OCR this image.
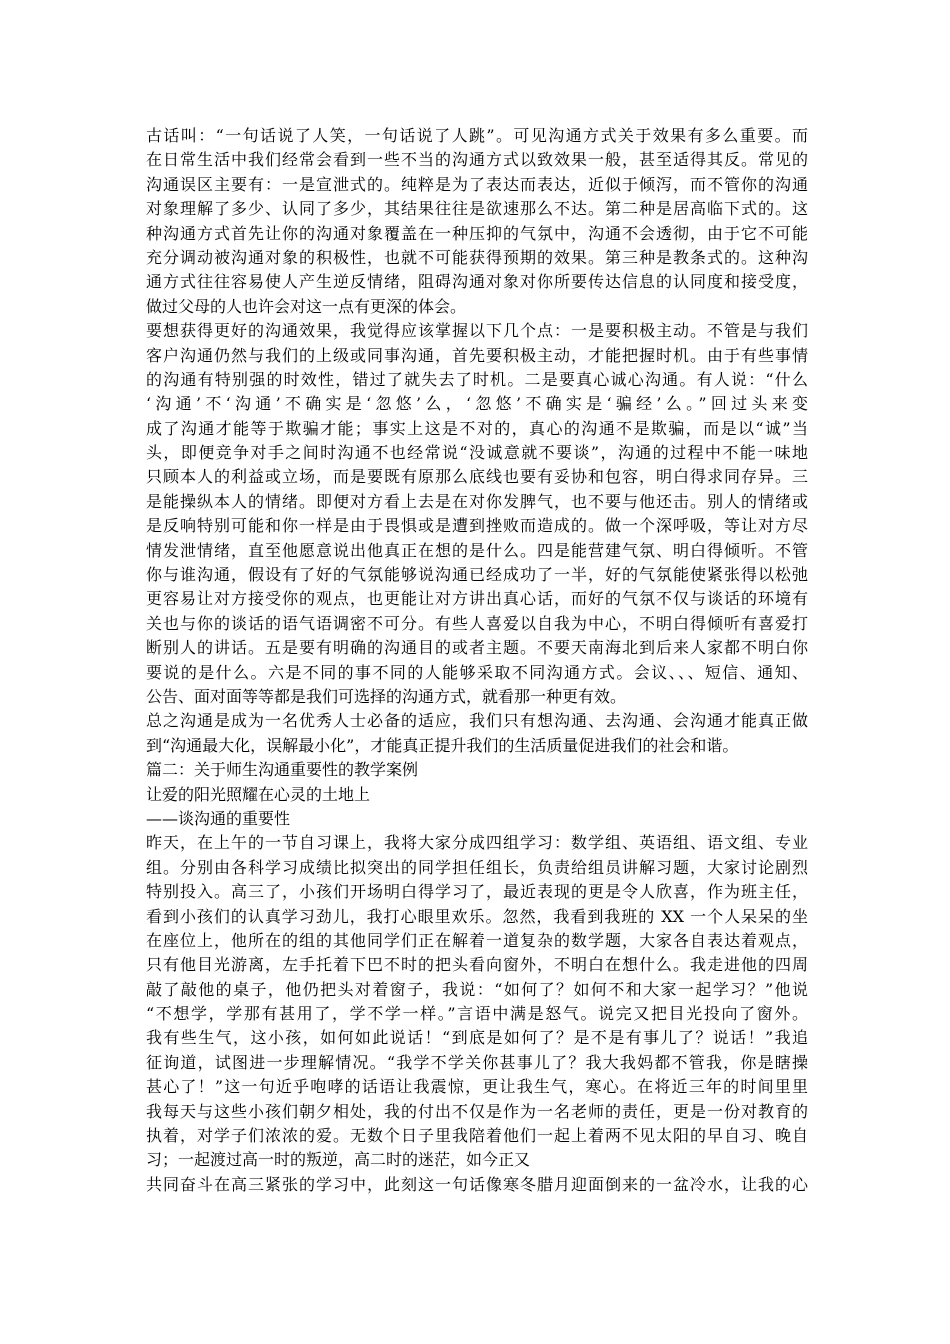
古话叫：“一句话说了人笑，一句话说了人跳”。可见沟通方式关于效果有多么重要。而
在日常生活中我们经常会看到一些不当的沟通方式以致效果一般，甚至适得其反。常见的
沟通误区主要有：一是宣泄式的。纯粹是为了表达而表达，近似于倾泻，而不管你的沟通
对象理解了多少、认同了多少，其结果往往是欲速那么不达。第二种是居高临下式的。这
种沟通方式首先让你的沟通对象覆盖在一种压抑的气氛中，沟通不会透彻，由于它不可能
充分调动被沟通对象的积极性，也就不可能获得预期的效果。第三种是教条式的。这种沟
通方式往往容易使人产生逆反情绪，阻碍沟通对象对你所要传达信息的认同度和接受度，
做过父母的人也许会对这一点有更深的体会。
要想获得更好的沟通效果，我觉得应该掌握以下几个点：一是要积极主动。不管是与我们
客户沟通仍然与我们的上级或同事沟通，首先要积极主动，才能把握时机。由于有些事情
的沟通有特别强的时效性，错过了就失去了时机。二是要真心诚心沟通。有人说：“什么
‘沟通’不‘沟通’不确实是‘忽悠’么，‘忽悠’不确实是‘骗经’么。”回过头来变
成了沟通才能等于欺骗才能；事实上这是不对的，真心的沟通不是欺骗，而是以“诚”当
头，即便竞争对手之间时沟通不也经常说“没诚意就不要谈”，沟通的过程中不能一味地
只顾本人的利益或立场，而是要既有原那么底线也要有妥协和包容，明白得求同存异。三
是能操纵本人的情绪。即便对方看上去是在对你发脾气，也不要与他还击。别人的情绪或
是反响特别可能和你一样是由于畏惧或是遭到挫败而造成的。做一个深呼吸，等让对方尽
情发泄情绪，直至他愿意说出他真正在想的是什么。四是能营建气氛、明白得倾听。不管
你与谁沟通，假设有了好的气氛能够说沟通已经成功了一半，好的气氛能使紧张得以松弛
更容易让对方接受你的观点，也更能让对方讲出真心话，而好的气氛不仅与谈话的环境有
关也与你的谈话的语气语调密不可分。有些人喜爱以自我为中心，不明白得倾听有喜爱打
断别人的讲话。五是要有明确的沟通目的或者主题。不要天南海北到后来人家都不明白你
要说的是什么。六是不同的事不同的人能够采取不同沟通方式。会议、、、短信、通知、
公告、面对面等等都是我们可选择的沟通方式，就看那一种更有效。
总之沟通是成为一名优秀人士必备的适应，我们只有想沟通、去沟通、会沟通才能真正做
到“沟通最大化，误解最小化”，才能真正提升我们的生活质量促进我们的社会和谐。
篇二：关于师生沟通重要性的教学案例
让爱的阳光照耀在心灵的土地上
——谈沟通的重要性
昨天，在上午的一节自习课上，我将大家分成四组学习：数学组、英语组、语文组、专业
组。分别由各科学习成绩比拟突出的同学担任组长，负责给组员讲解习题，大家讨论剧烈
特别投入。高三了，小孩们开场明白得学习了，最近表现的更是令人欣喜，作为班主任，
看到小孩们的认真学习劲儿，我打心眼里欢乐。忽然，我看到我班的 XX 一个人呆呆的坐
在座位上，他所在的组的其他同学们正在解着一道复杂的数学题，大家各自表达着观点，
只有他目光游离，左手托着下巴不时的把头看向窗外，不明白在想什么。我走进他的四周
敲了敲他的桌子，他仍把头对着窗子，我说：“如何了？如何不和大家一起学习？”他说
“不想学，学那有甚用了，学不学一样。”言语中满是怒气。说完又把目光投向了窗外。
我有些生气，这小孩，如何如此说话！“到底是如何了？是不是有事儿了？说话！”我追
征询道，试图进一步理解情况。“我学不学关你甚事儿了？我大我妈都不管我，你是瞎操
甚心了！”这一句近乎咆哮的话语让我震惊，更让我生气，寒心。在将近三年的时间里里
我每天与这些小孩们朝夕相处，我的付出不仅是作为一名老师的责任，更是一份对教育的
执着，对学子们浓浓的爱。无数个日子里我陪着他们一起上着两不见太阳的早自习、晚自
习；一起渡过高一时的叛逆，高二时的迷茫，如今正又
共同奋斗在高三紧张的学习中，此刻这一句话像寒冬腊月迎面倒来的一盆冷水，让我的心
